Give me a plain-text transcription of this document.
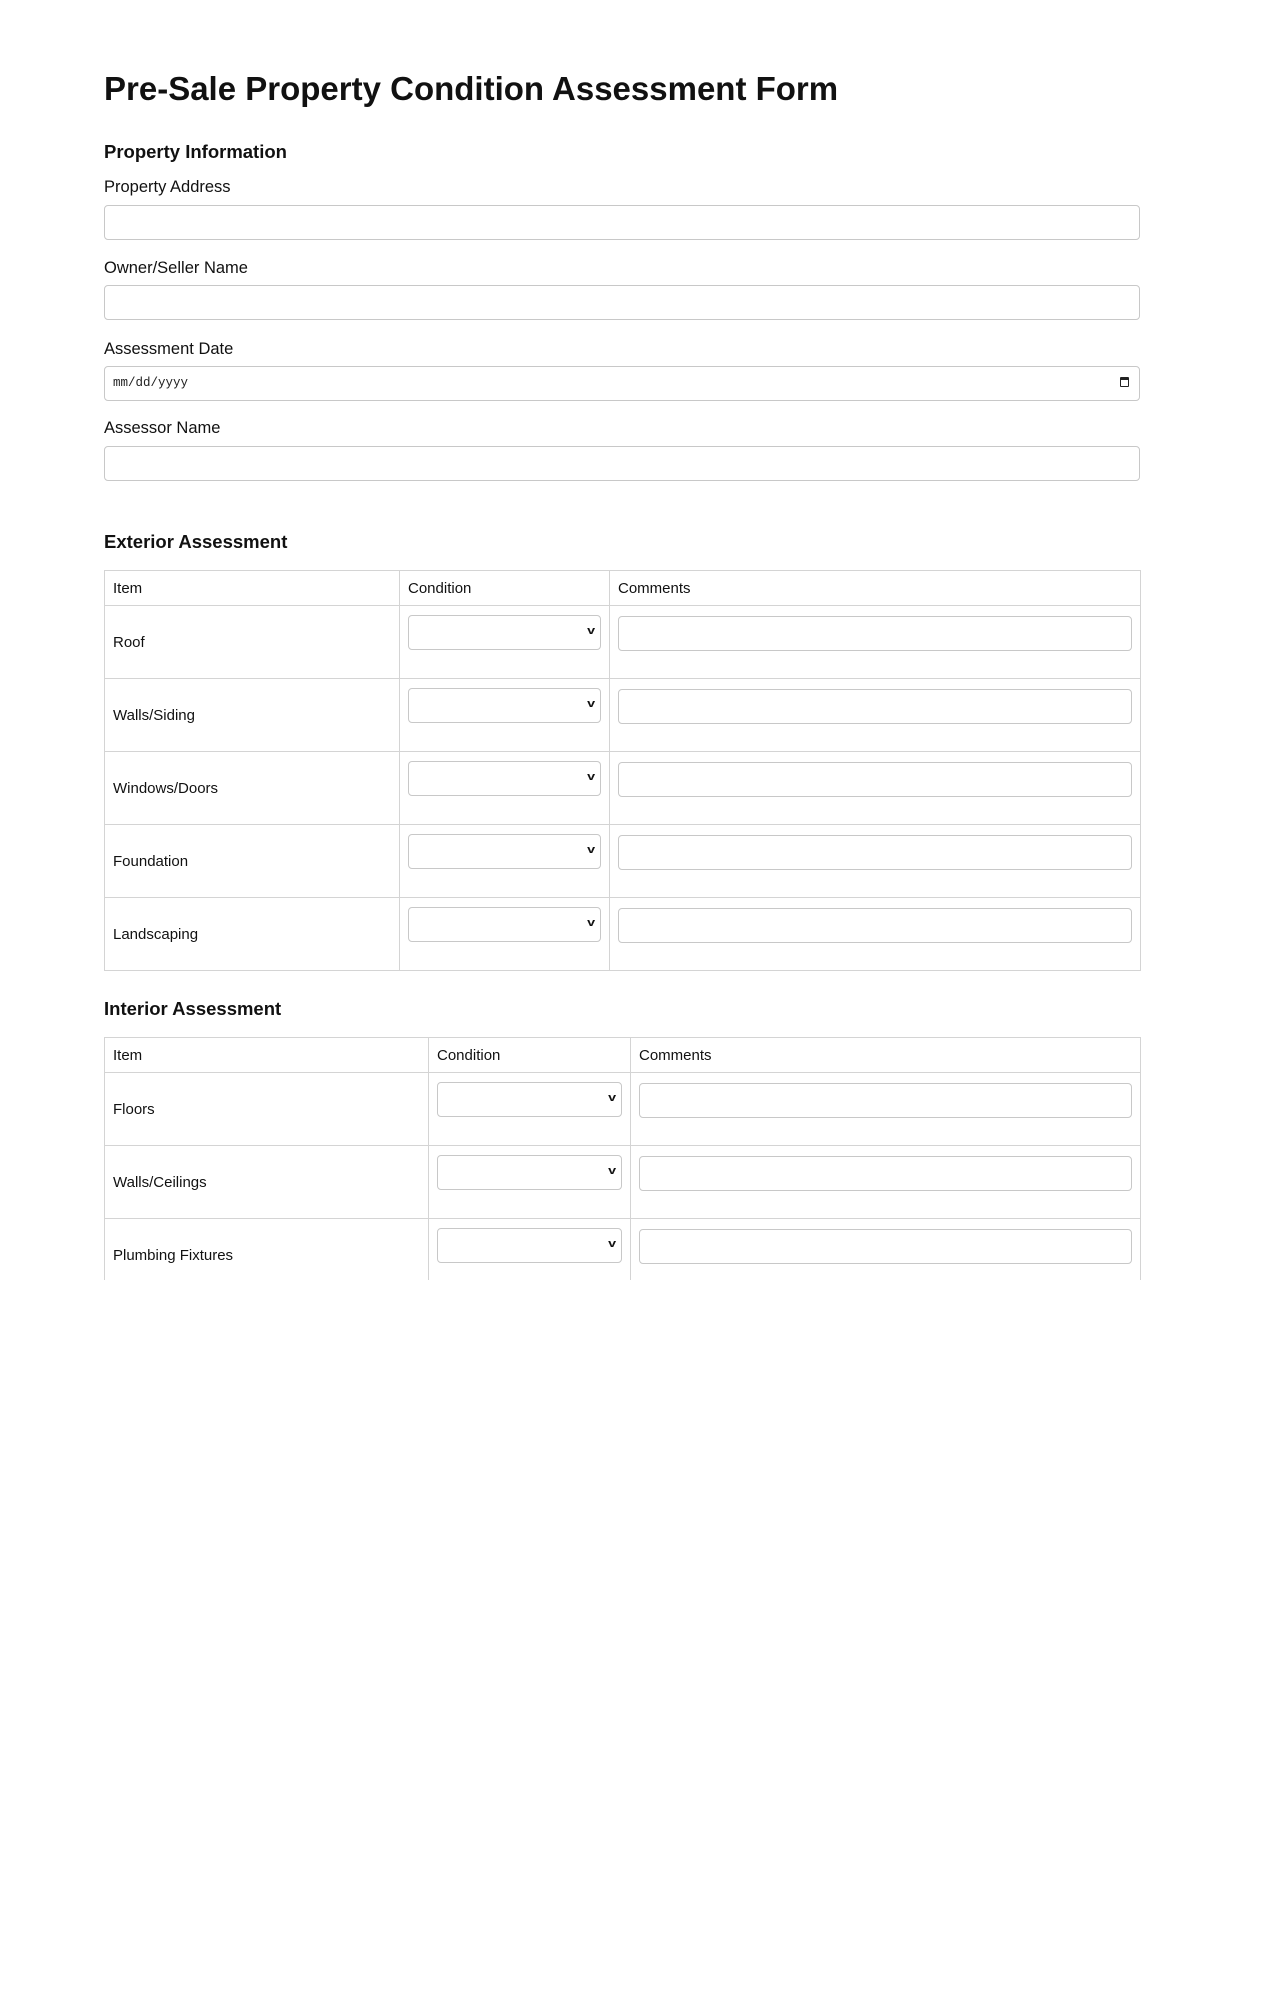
Pre-Sale Property Condition Assessment Form
Property Information
Property Address
Owner/Seller Name
Assessment Date
mm/dd/yyyy
Assessor Name
Exterior Assessment
Item	Condition	Comments
Roof	v	

Walls/Siding	v	

Windows/Doors	v	

Foundation	v	

Landscaping	v	

Interior Assessment
Item	Condition	Comments
Floors	v	

Walls/Ceilings	v	

Plumbing Fixtures	v	
